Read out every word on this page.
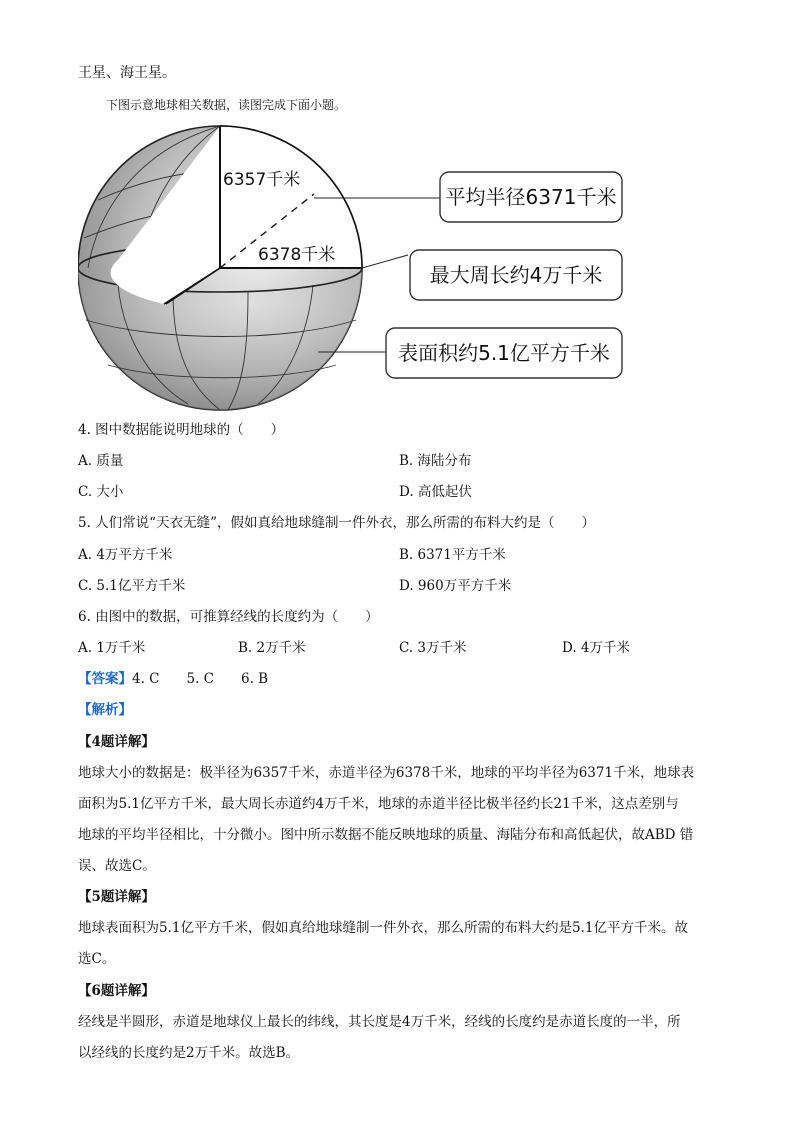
王星、海王星。
下图示意地球相关数据，读图完成下面小题。
6357千米
6378千米
平均半径6371千米
最大周长约4万千米
表面积约5.1亿平方千米
4. 图中数据能说明地球的（　　）
A. 质量	B. 海陆分布
C. 大小	D. 高低起伏
5. 人们常说“天衣无缝”，假如真给地球缝制一件外衣，那么所需的布料大约是（　　）
A. 4万平方千米	B. 6371平方千米
C. 5.1亿平方千米	D. 960万平方千米
6. 由图中的数据，可推算经线的长度约为（　　）
A. 1万千米	B. 2万千米	C. 3万千米	D. 4万千米
【答案】4. C　　5. C　　6. B
【解析】
【4题详解】
地球大小的数据是：极半径为6357千米，赤道半径为6378千米，地球的平均半径为6371千米，地球表
面积为5.1亿平方千米，最大周长赤道约4万千米，地球的赤道半径比极半径约长21千米，这点差别与
地球的平均半径相比，十分微小。图中所示数据不能反映地球的质量、海陆分布和高低起伏，故ABD 错
误、故选C。
【5题详解】
地球表面积为5.1亿平方千米，假如真给地球缝制一件外衣，那么所需的布料大约是5.1亿平方千米。故
选C。
【6题详解】
经线是半圆形，赤道是地球仪上最长的纬线，其长度是4万千米，经线的长度约是赤道长度的一半，所
以经线的长度约是2万千米。故选B。
